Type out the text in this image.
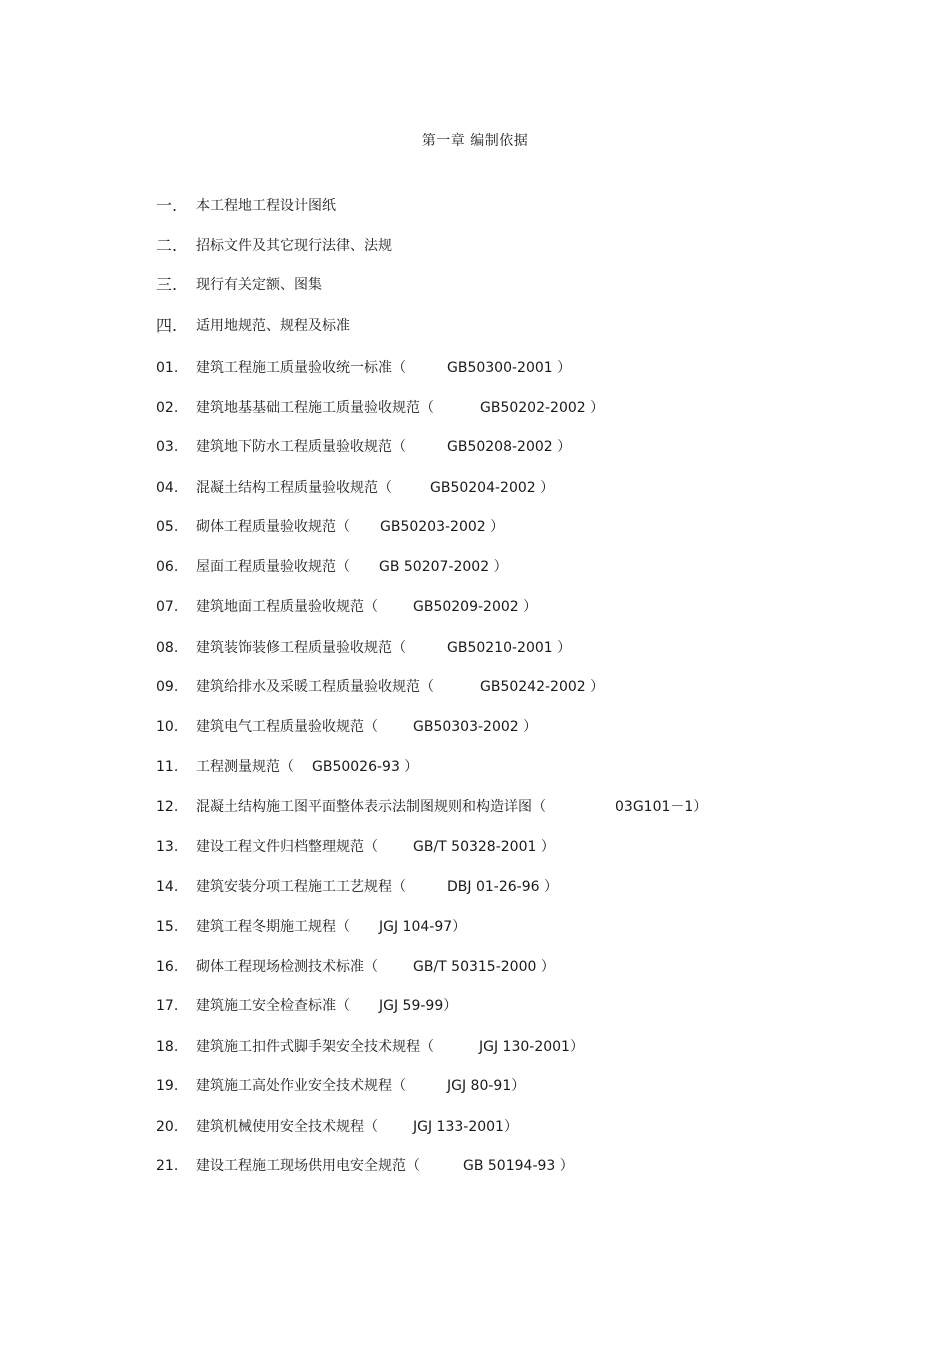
第一章 编制依据
一. 本工程地工程设计图纸
二. 招标文件及其它现行法律、法规
三. 现行有关定额、图集
四. 适用地规范、规程及标准
01. 建筑工程施工质量验收统一标准（	GB50300-2001 ）
02. 建筑地基基础工程施工质量验收规范（	GB50202-2002 ）
03. 建筑地下防水工程质量验收规范（	GB50208-2002 ）
04. 混凝土结构工程质量验收规范（	GB50204-2002 ）
05. 砌体工程质量验收规范（ GB50203-2002 ）
06. 屋面工程质量验收规范（ GB 50207-2002 ）
07. 建筑地面工程质量验收规范（	GB50209-2002 ）
08. 建筑装饰装修工程质量验收规范（	GB50210-2001 ）
09. 建筑给排水及采暖工程质量验收规范（	GB50242-2002 ）
10. 建筑电气工程质量验收规范（	GB50303-2002 ）
11. 工程测量规范（ GB50026-93 ）
12. 混凝土结构施工图平面整体表示法制图规则和构造详图（	03G101－1）
13. 建设工程文件归档整理规范（	GB/T 50328-2001 ）
14. 建筑安装分项工程施工工艺规程（	DBJ 01-26-96 ）
15. 建筑工程冬期施工规程（ JGJ 104-97）
16. 砌体工程现场检测技术标准（	GB/T 50315-2000 ）
17. 建筑施工安全检查标准（ JGJ 59-99）
18. 建筑施工扣件式脚手架安全技术规程（	JGJ 130-2001）
19. 建筑施工高处作业安全技术规程（	JGJ 80-91）
20. 建筑机械使用安全技术规程（	JGJ 133-2001）
21. 建设工程施工现场供用电安全规范（	GB 50194-93 ）
